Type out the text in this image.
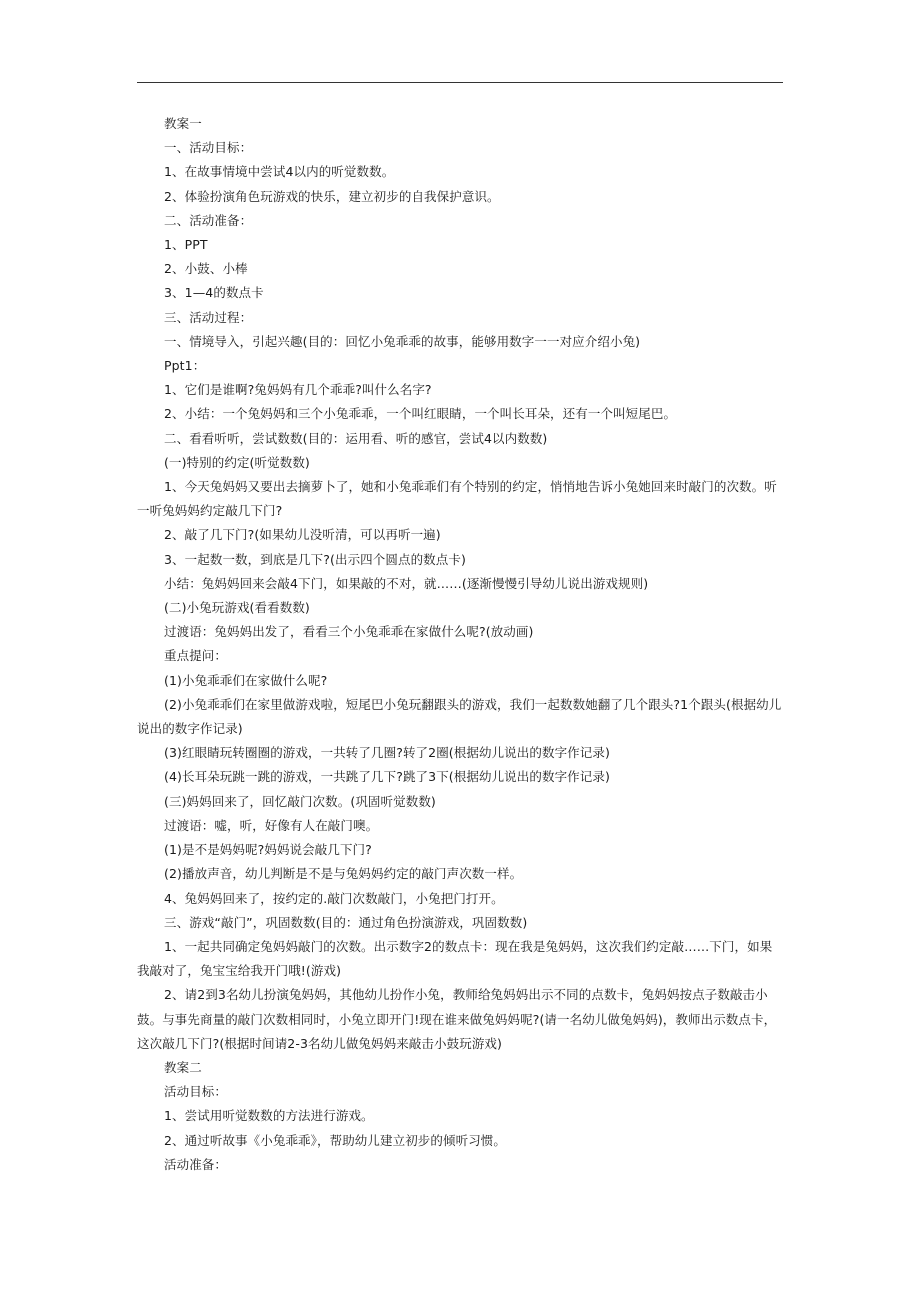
教案一

一、活动目标：

1、在故事情境中尝试4以内的听觉数数。

2、体验扮演角色玩游戏的快乐，建立初步的自我保护意识。

二、活动准备：

1、PPT

2、小鼓、小棒

3、1—4的数点卡

三、活动过程：

一、情境导入，引起兴趣(目的：回忆小兔乖乖的故事，能够用数字一一对应介绍小兔)

Ppt1：

1、它们是谁啊?兔妈妈有几个乖乖?叫什么名字?

2、小结：一个兔妈妈和三个小兔乖乖，一个叫红眼睛，一个叫长耳朵，还有一个叫短尾巴。

二、看看听听，尝试数数(目的：运用看、听的感官，尝试4以内数数)

(一)特别的约定(听觉数数)

1、今天兔妈妈又要出去摘萝卜了，她和小兔乖乖们有个特别的约定，悄悄地告诉小兔她回来时敲门的次数。听一听兔妈妈约定敲几下门?

2、敲了几下门?(如果幼儿没听清，可以再听一遍)

3、一起数一数，到底是几下?(出示四个圆点的数点卡)

小结：兔妈妈回来会敲4下门，如果敲的不对，就……(逐渐慢慢引导幼儿说出游戏规则)

(二)小兔玩游戏(看看数数)

过渡语：兔妈妈出发了，看看三个小兔乖乖在家做什么呢?(放动画)

重点提问：

(1)小兔乖乖们在家做什么呢?

(2)小兔乖乖们在家里做游戏啦，短尾巴小兔玩翻跟头的游戏，我们一起数数她翻了几个跟头?1个跟头(根据幼儿说出的数字作记录)

(3)红眼睛玩转圈圈的游戏，一共转了几圈?转了2圈(根据幼儿说出的数字作记录)

(4)长耳朵玩跳一跳的游戏，一共跳了几下?跳了3下(根据幼儿说出的数字作记录)

(三)妈妈回来了，回忆敲门次数。(巩固听觉数数)

过渡语：嘘，听，好像有人在敲门噢。

(1)是不是妈妈呢?妈妈说会敲几下门?

(2)播放声音，幼儿判断是不是与兔妈妈约定的敲门声次数一样。

4、兔妈妈回来了，按约定的.敲门次数敲门，小兔把门打开。

三、游戏“敲门”，巩固数数(目的：通过角色扮演游戏，巩固数数)

1、一起共同确定兔妈妈敲门的次数。出示数字2的数点卡：现在我是兔妈妈，这次我们约定敲……下门，如果我敲对了，兔宝宝给我开门哦!(游戏)

2、请2到3名幼儿扮演兔妈妈，其他幼儿扮作小兔，教师给兔妈妈出示不同的点数卡，兔妈妈按点子数敲击小鼓。与事先商量的敲门次数相同时，小兔立即开门!现在谁来做兔妈妈呢?(请一名幼儿做兔妈妈)，教师出示数点卡，这次敲几下门?(根据时间请2-3名幼儿做兔妈妈来敲击小鼓玩游戏)

教案二

活动目标：

1、尝试用听觉数数的方法进行游戏。

2、通过听故事《小兔乖乖》，帮助幼儿建立初步的倾听习惯。

活动准备：
